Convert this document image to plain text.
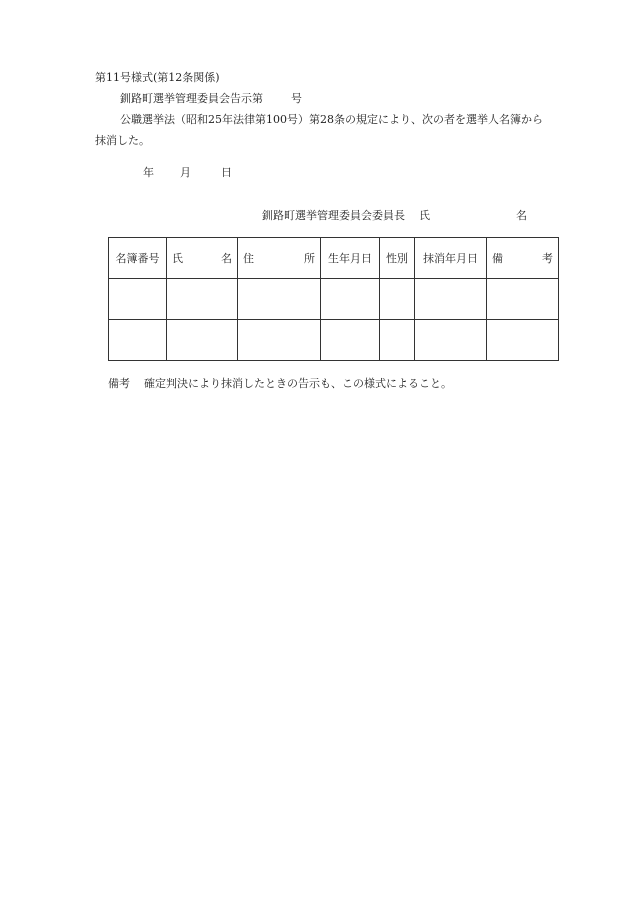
第11号様式(第12条関係)
釧路町選挙管理委員会告示第	号
公職選挙法（昭和25年法律第100号）第28条の規定により、次の者を選挙人名簿から
抹消した。
年 月	日
釧路町選挙管理委員会委員長 氏	名
名簿番号	氏 名	住 所	生年月日	性別	抹消年月日	備 考

備考 確定判決により抹消したときの告示も、この様式によること。
